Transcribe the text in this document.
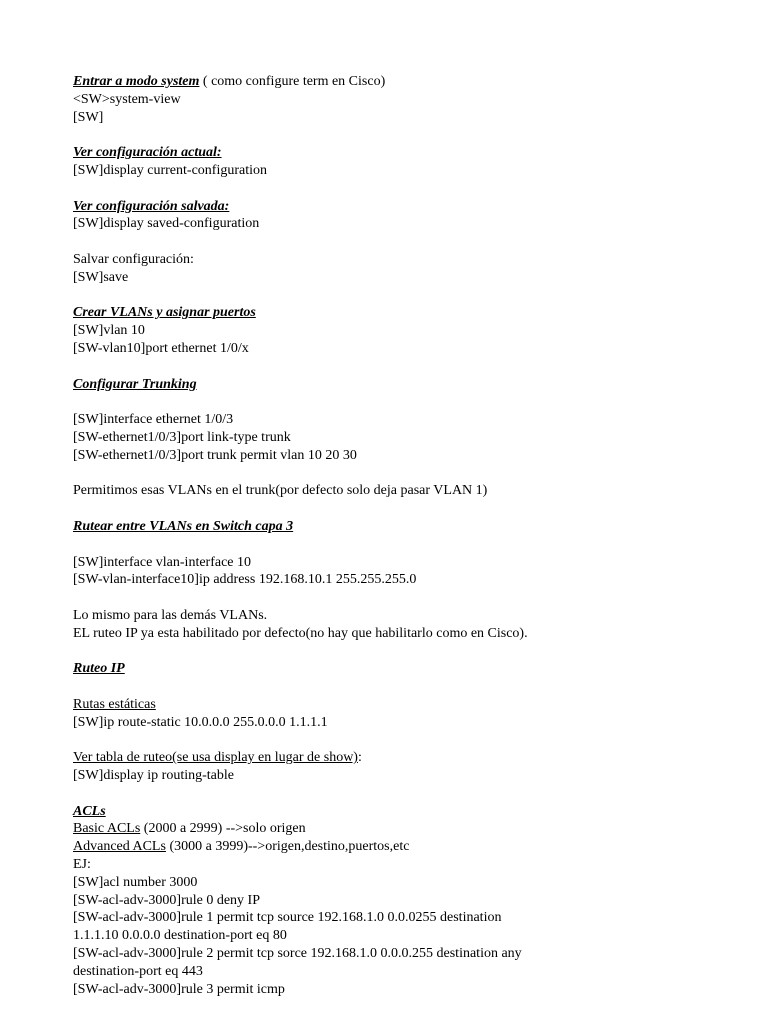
Entrar a modo system ( como configure term en Cisco)
<SW>system-view
[SW]
Ver configuración actual:
[SW]display current-configuration
Ver configuración salvada:
[SW]display saved-configuration
Salvar configuración:
[SW]save
Crear VLANs y asignar puertos
[SW]vlan 10
[SW-vlan10]port ethernet 1/0/x
Configurar Trunking
[SW]interface ethernet 1/0/3
[SW-ethernet1/0/3]port link-type trunk
[SW-ethernet1/0/3]port trunk permit vlan 10 20 30
Permitimos esas VLANs en el trunk(por defecto solo deja pasar VLAN 1)
Rutear entre VLANs en Switch capa 3
[SW]interface vlan-interface 10
[SW-vlan-interface10]ip address 192.168.10.1 255.255.255.0
Lo mismo para las demás VLANs.
EL ruteo IP ya esta habilitado por defecto(no hay que habilitarlo como en Cisco).
Ruteo IP
Rutas estáticas
[SW]ip route-static 10.0.0.0 255.0.0.0 1.1.1.1
Ver tabla de ruteo(se usa display en lugar de show):
[SW]display ip routing-table
ACLs
Basic ACLs (2000 a 2999) -->solo origen
Advanced ACLs (3000 a 3999)-->origen,destino,puertos,etc
EJ:
[SW]acl number 3000
[SW-acl-adv-3000]rule 0 deny IP
[SW-acl-adv-3000]rule 1 permit tcp source 192.168.1.0 0.0.0255 destination
1.1.1.10 0.0.0.0 destination-port eq 80
[SW-acl-adv-3000]rule 2 permit tcp sorce 192.168.1.0 0.0.0.255 destination any
destination-port eq 443
[SW-acl-adv-3000]rule 3 permit icmp
